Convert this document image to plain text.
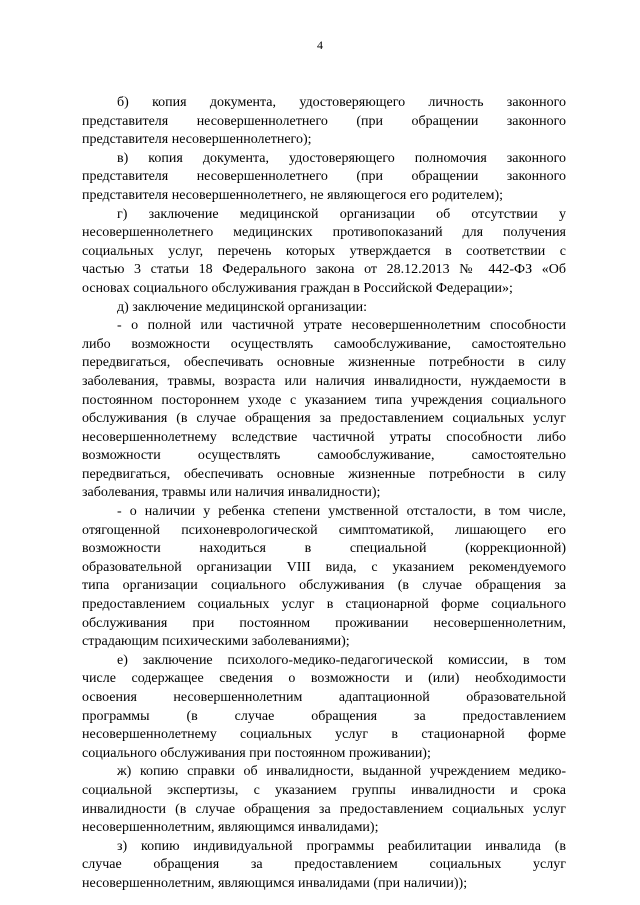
4
б) копия документа, удостоверяющего личность законного
представителя несовершеннолетнего (при обращении законного
представителя несовершеннолетнего);
в) копия документа, удостоверяющего полномочия законного
представителя несовершеннолетнего (при обращении законного
представителя несовершеннолетнего, не являющегося его родителем);
г) заключение медицинской организации об отсутствии у
несовершеннолетнего медицинских противопоказаний для получения
социальных услуг, перечень которых утверждается в соответствии с
частью 3 статьи 18 Федерального закона от 28.12.2013 № 442-ФЗ «Об
основах социального обслуживания граждан в Российской Федерации»;
д) заключение медицинской организации:
- о полной или частичной утрате несовершеннолетним способности
либо возможности осуществлять самообслуживание, самостоятельно
передвигаться, обеспечивать основные жизненные потребности в силу
заболевания, травмы, возраста или наличия инвалидности, нуждаемости в
постоянном постороннем уходе с указанием типа учреждения социального
обслуживания (в случае обращения за предоставлением социальных услуг
несовершеннолетнему вследствие частичной утраты способности либо
возможности осуществлять самообслуживание, самостоятельно
передвигаться, обеспечивать основные жизненные потребности в силу
заболевания, травмы или наличия инвалидности);
- о наличии у ребенка степени умственной отсталости, в том числе,
отягощенной психоневрологической симптоматикой, лишающего его
возможности находиться в специальной (коррекционной)
образовательной организации VIII вида, с указанием рекомендуемого
типа организации социального обслуживания (в случае обращения за
предоставлением социальных услуг в стационарной форме социального
обслуживания при постоянном проживании несовершеннолетним,
страдающим психическими заболеваниями);
е) заключение психолого-медико-педагогической комиссии, в том
числе содержащее сведения о возможности и (или) необходимости
освоения несовершеннолетним адаптационной образовательной
программы (в случае обращения за предоставлением
несовершеннолетнему социальных услуг в стационарной форме
социального обслуживания при постоянном проживании);
ж) копию справки об инвалидности, выданной учреждением медико-
социальной экспертизы, с указанием группы инвалидности и срока
инвалидности (в случае обращения за предоставлением социальных услуг
несовершеннолетним, являющимся инвалидами);
з) копию индивидуальной программы реабилитации инвалида (в
случае обращения за предоставлением социальных услуг
несовершеннолетним, являющимся инвалидами (при наличии));
